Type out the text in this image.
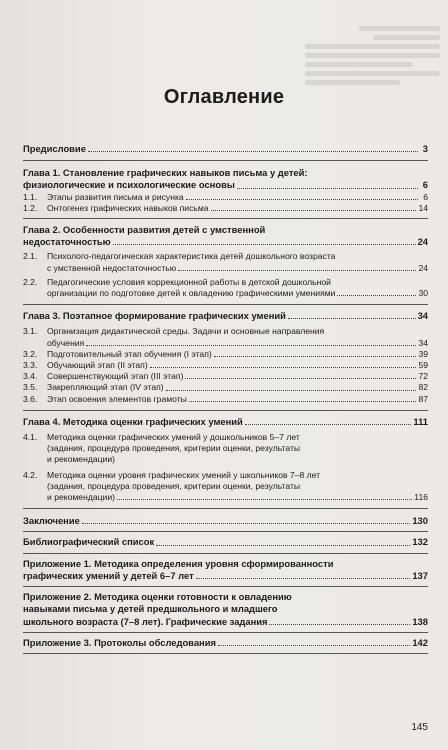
Оглавление
Предисловие	3
Глава 1. Становление графических навыков письма у детей:
физиологические и психологические основы	6
1.1.	Этапы развития письма и рисунка	6
1.2.	Онтогенез графических навыков письма	14
Глава 2. Особенности развития детей с умственной
недостаточностью	24
2.1.	Психолого-педагогическая характеристика детей дошкольного возраста
с умственной недостаточностью	24
2.2.	Педагогические условия коррекционной работы в детской дошкольной
организации по подготовке детей к овладению графическими умениями	30
Глава 3. Поэтапное формирование графических умений	34
3.1.	Организация дидактической среды. Задачи и основные направления
обучения	34
3.2.	Подготовительный этап обучения (I этап)	39
3.3.	Обучающий этап (II этап)	59
3.4.	Совершенствующий этап (III этап)	72
3.5.	Закрепляющий этап (IV этап)	82
3.6.	Этап освоения элементов грамоты	87
Глава 4. Методика оценки графических умений	111
4.1.	Методика оценки графических умений у дошкольников 5–7 лет
(задания, процедура проведения, критерии оценки, результаты
и рекомендации)
4.2.	Методика оценки уровня графических умений у школьников 7–8 лет
(задания, процедура проведения, критерии оценки, результаты
и рекомендации)	116
Заключение	130
Библиографический список	132
Приложение 1. Методика определения уровня сформированности
графических умений у детей 6–7 лет	137
Приложение 2. Методика оценки готовности к овладению
навыками письма у детей предшкольного и младшего
школьного возраста (7–8 лет). Графические задания	138
Приложение 3. Протоколы обследования	142
145
